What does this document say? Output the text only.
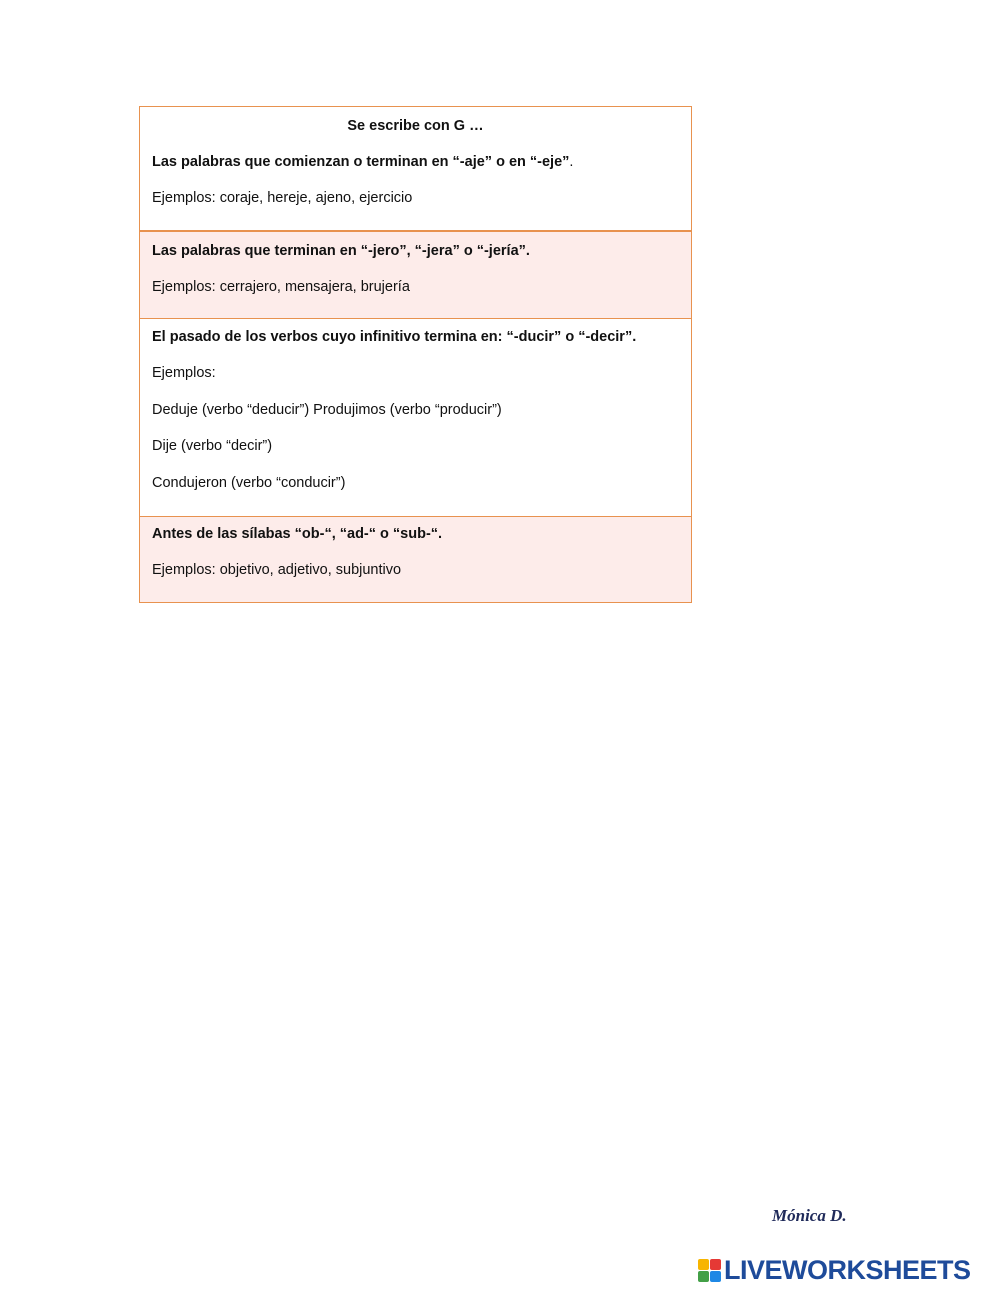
Se escribe con G …
Las palabras que comienzan o terminan en “-aje” o en “-eje”.
Ejemplos: coraje, hereje, ajeno, ejercicio
Las palabras que terminan en “-jero”, “-jera” o “-jería”.
Ejemplos: cerrajero, mensajera, brujería
El pasado de los verbos cuyo infinitivo termina en: “-ducir” o “-decir”.
Ejemplos:
Deduje (verbo “deducir”) Produjimos (verbo “producir”)
Dije (verbo “decir”)
Condujeron (verbo “conducir”)
Antes de las sílabas “ob-“, “ad-“ o “sub-“.
Ejemplos: objetivo, adjetivo, subjuntivo
Mónica D.
LIVEWORKSHEETS
